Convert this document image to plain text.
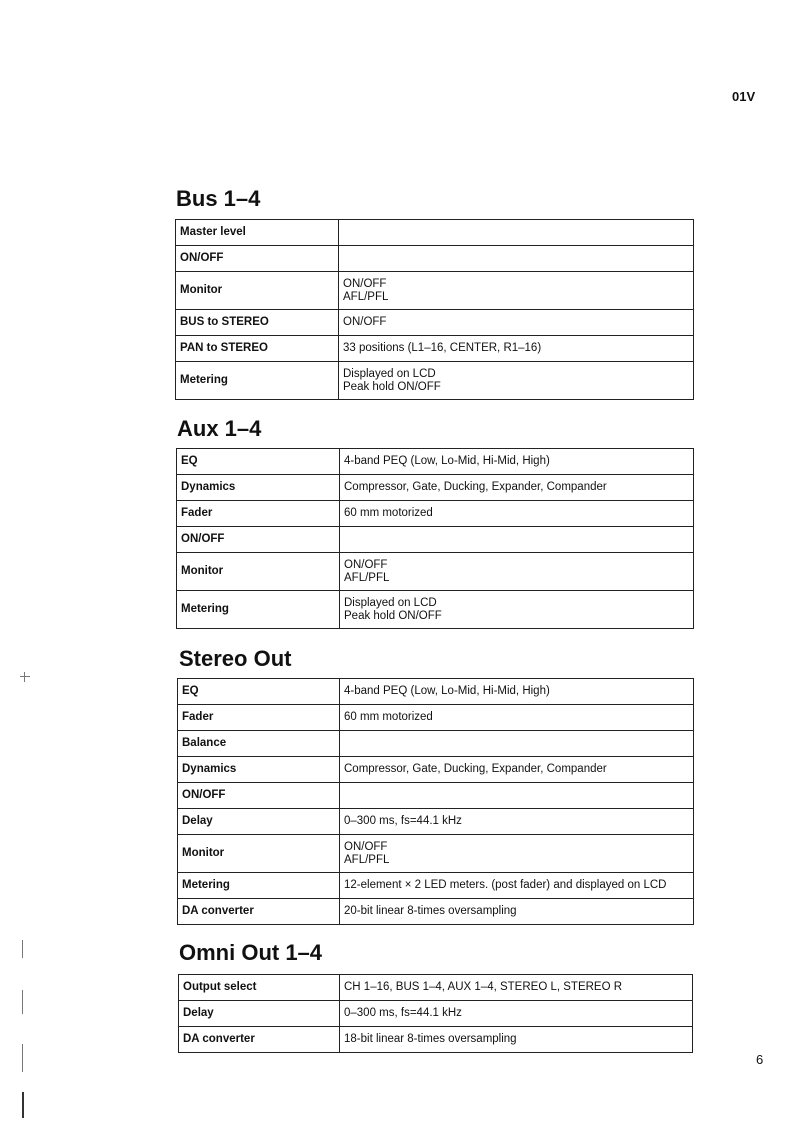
01V
Bus 1–4
Master level	
ON/OFF	
Monitor	ON/OFF
AFL/PFL
BUS to STEREO	ON/OFF
PAN to STEREO	33 positions (L1–16, CENTER, R1–16)
Metering	Displayed on LCD
Peak hold ON/OFF
Aux 1–4
EQ	4-band PEQ (Low, Lo-Mid, Hi-Mid, High)
Dynamics	Compressor, Gate, Ducking, Expander, Compander
Fader	60 mm motorized
ON/OFF	
Monitor	ON/OFF
AFL/PFL
Metering	Displayed on LCD
Peak hold ON/OFF
Stereo Out
EQ	4-band PEQ (Low, Lo-Mid, Hi-Mid, High)
Fader	60 mm motorized
Balance	
Dynamics	Compressor, Gate, Ducking, Expander, Compander
ON/OFF	
Delay	0–300 ms, fs=44.1 kHz
Monitor	ON/OFF
AFL/PFL
Metering	12-element × 2 LED meters. (post fader) and displayed on LCD
DA converter	20-bit linear 8-times oversampling
Omni Out 1–4
Output select	CH 1–16, BUS 1–4, AUX 1–4, STEREO L, STEREO R
Delay	0–300 ms, fs=44.1 kHz
DA converter	18-bit linear 8-times oversampling
6
